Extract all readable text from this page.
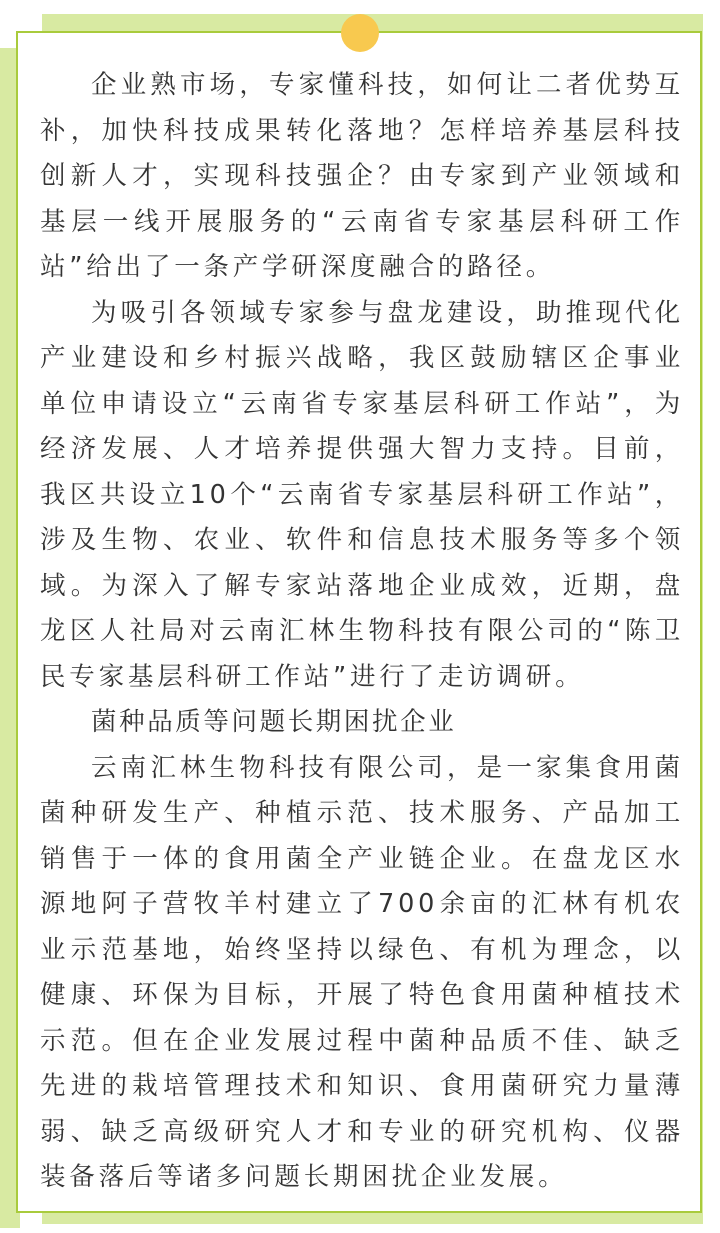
企业熟市场，专家懂科技，如何让二者优势互补，加快科技成果转化落地？怎样培养基层科技创新人才，实现科技强企？由专家到产业领域和基层一线开展服务的“云南省专家基层科研工作站”给出了一条产学研深度融合的路径。

为吸引各领域专家参与盘龙建设，助推现代化产业建设和乡村振兴战略，我区鼓励辖区企事业单位申请设立“云南省专家基层科研工作站”，为经济发展、人才培养提供强大智力支持。目前，我区共设立10个“云南省专家基层科研工作站”，涉及生物、农业、软件和信息技术服务等多个领域。为深入了解专家站落地企业成效，近期，盘龙区人社局对云南汇林生物科技有限公司的“陈卫民专家基层科研工作站”进行了走访调研。

菌种品质等问题长期困扰企业

云南汇林生物科技有限公司，是一家集食用菌菌种研发生产、种植示范、技术服务、产品加工销售于一体的食用菌全产业链企业。在盘龙区水源地阿子营牧羊村建立了700余亩的汇林有机农业示范基地，始终坚持以绿色、有机为理念，以健康、环保为目标，开展了特色食用菌种植技术示范。但在企业发展过程中菌种品质不佳、缺乏先进的栽培管理技术和知识、食用菌研究力量薄弱、缺乏高级研究人才和专业的研究机构、仪器装备落后等诸多问题长期困扰企业发展。
